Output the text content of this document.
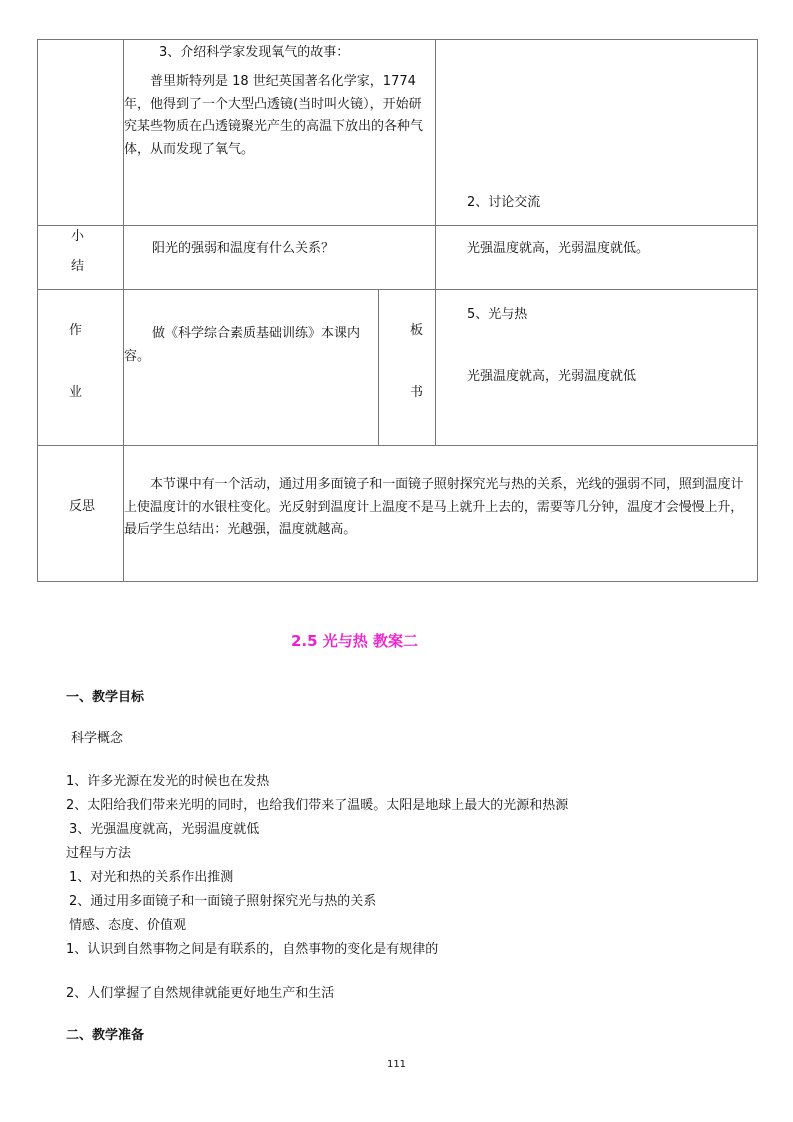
	3、介绍科学家发现氧气的故事：

普里斯特列是 18 世纪英国著名化学家，1774 年，他得到了一个大型凸透镜(当时叫火镜），开始研究某些物质在凸透镜聚光产生的高温下放出的各种气体，从而发现了氧气。		2、讨论交流

小
结	阳光的强弱和温度有什么关系？		光强温度就高，光弱温度就低。

作
业	做《科学综合素质基础训练》本课内容。	板
书	5、光与热
光强温度就高，光弱温度就低

反思	本节课中有一个活动，通过用多面镜子和一面镜子照射探究光与热的关系，光线的强弱不同，照到温度计上使温度计的水银柱变化。光反射到温度计上温度不是马上就升上去的，需要等几分钟，温度才会慢慢上升，最后学生总结出：光越强，温度就越高。		

2.5 光与热 教案二
一、教学目标
科学概念
1、许多光源在发光的时候也在发热
2、太阳给我们带来光明的同时，也给我们带来了温暖。太阳是地球上最大的光源和热源
3、光强温度就高，光弱温度就低
过程与方法
1、对光和热的关系作出推测
2、通过用多面镜子和一面镜子照射探究光与热的关系
情感、态度、价值观
1、认识到自然事物之间是有联系的，自然事物的变化是有规律的
2、人们掌握了自然规律就能更好地生产和生活
二、教学准备
111
